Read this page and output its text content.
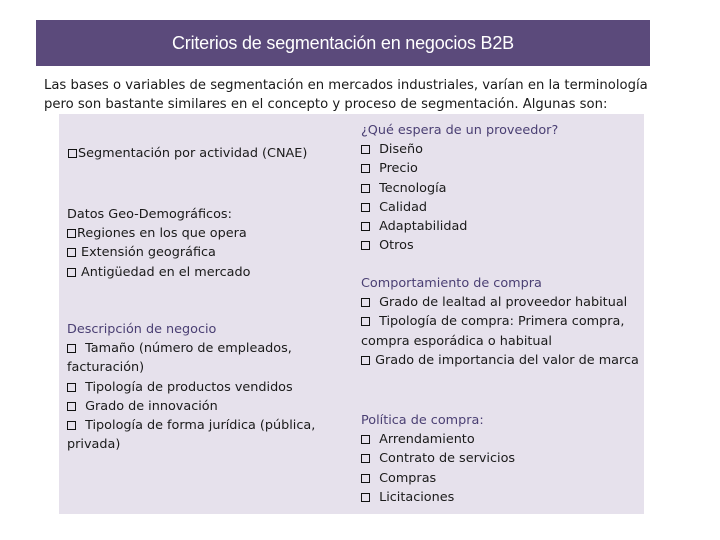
Criterios de segmentación en negocios B2B
Las bases o variables de segmentación en mercados industriales, varían en la terminología pero son bastante similares en el concepto y proceso de segmentación. Algunas son:
Segmentación por actividad (CNAE)
Datos Geo-Demográficos:
Regiones en los que opera
Extensión geográfica
Antigüedad en el mercado
Descripción de negocio
Tamaño (número de empleados, facturación)
Tipología de productos vendidos
Grado de innovación
Tipología de forma jurídica (pública, privada)
¿Qué espera de un proveedor?
Diseño
Precio
Tecnología
Calidad
Adaptabilidad
Otros
Comportamiento de compra
Grado de lealtad al proveedor habitual
Tipología de compra: Primera compra, compra esporádica o habitual
Grado de importancia del valor de marca
Política de compra:
Arrendamiento
Contrato de servicios
Compras
Licitaciones
